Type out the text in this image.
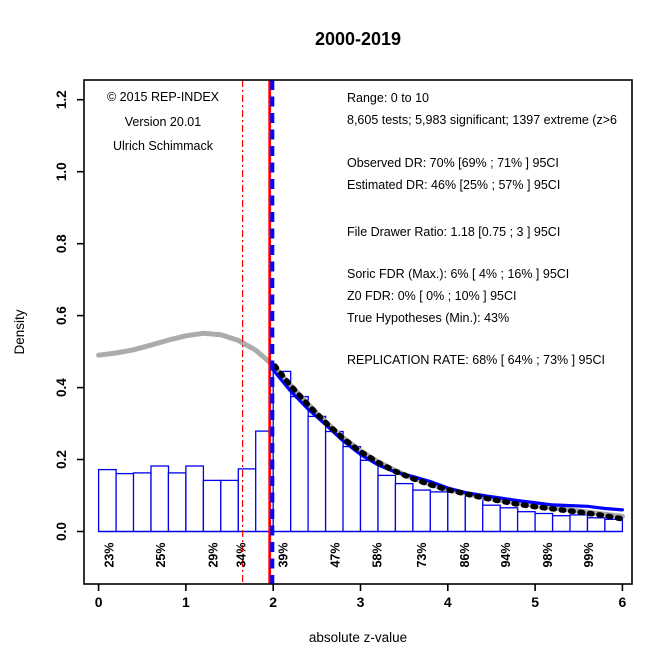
23%	25%	29% 34% 39%	47% 58% 73% 86% 94% 98% 99%
0	1	2	3	4	5	6
0.0
0.2
0.4
0.6
0.8
1.0
1.2
2000-2019
Density
absolute z-value
© 2015 REP-INDEX
Version 20.01
Ulrich Schimmack
Range: 0 to 10
8,605 tests; 5,983 significant; 1397 extreme (z>6
Observed DR: 70% [69% ; 71% ] 95CI
Estimated DR: 46% [25% ; 57% ] 95CI
File Drawer Ratio: 1.18 [0.75 ; 3 ] 95CI
Soric FDR (Max.): 6% [ 4% ; 16% ] 95CI
Z0 FDR: 0% [ 0% ; 10% ] 95CI
True Hypotheses (Min.): 43%
REPLICATION RATE: 68% [ 64% ; 73% ] 95CI
